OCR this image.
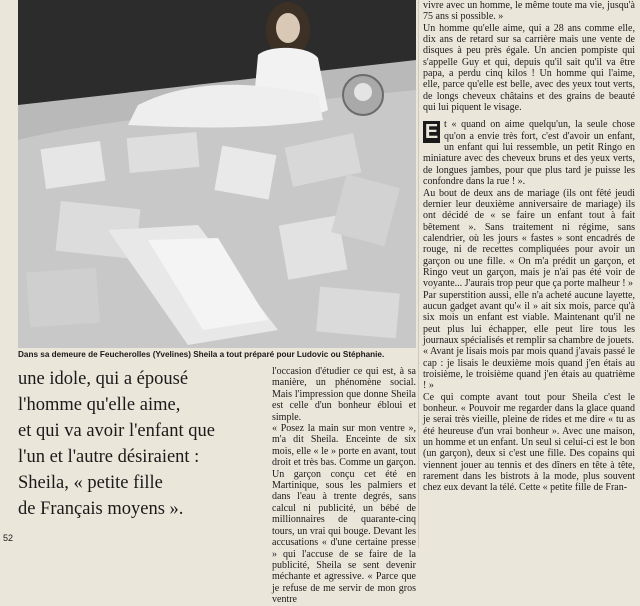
Dans sa demeure de Feucherolles (Yvelines) Sheila a tout préparé pour Ludovic ou Stéphanie.

vivre avec un homme, le même toute ma vie, jusqu'à 75 ans si possible. »

Un homme qu'elle aime, qui a 28 ans comme elle, dix ans de retard sur sa carrière mais une vente de disques à peu près égale. Un ancien pompiste qui s'appelle Guy et qui, depuis qu'il sait qu'il va être papa, a perdu cinq kilos ! Un homme qui l'aime, elle, parce qu'elle est belle, avec des yeux tout verts, de longs cheveux châtains et des grains de beauté qui lui piquent le visage.

E t « quand on aime quelqu'un, la seule chose qu'on a envie très fort, c'est d'avoir un enfant, un enfant qui lui ressemble, un petit Ringo en miniature avec des cheveux bruns et des yeux verts, de longues jambes, pour que plus tard je puisse les confondre dans la rue ! ».

Au bout de deux ans de mariage (ils ont fêté jeudi dernier leur deuxième anniversaire de mariage) ils ont décidé de « se faire un enfant tout à fait bêtement ». Sans traitement ni régime, sans calendrier, où les jours « fastes » sont encadrés de rouge, ni de recettes compliquées pour avoir un garçon ou une fille. « On m'a prédit un garçon, et Ringo veut un garçon, mais je n'ai pas été voir de voyante... J'aurais trop peur que ça porte malheur ! »

Par superstition aussi, elle n'a acheté aucune layette, aucun gadget avant qu'« il » ait six mois, parce qu'à six mois un enfant est viable. Maintenant qu'il ne peut plus lui échapper, elle peut lire tous les journaux spécialisés et remplir sa chambre de jouets.

« Avant je lisais mois par mois quand j'avais passé le cap : je lisais le deuxième mois quand j'en étais au troisième, le troisième quand j'en étais au quatrième ! »

Ce qui compte avant tout pour Sheila c'est le bonheur. « Pouvoir me regarder dans la glace quand je serai très vieille, pleine de rides et me dire « tu as été heureuse d'un vrai bonheur ». Avec une maison, un homme et un enfant. Un seul si celui-ci est le bon (un garçon), deux si c'est une fille. Des copains qui viennent jouer au tennis et des dîners en tête à tête, rarement dans les bistrots à la mode, plus souvent chez eux devant la télé. Cette « petite fille de Fran-

une idole, qui a épousé
l'homme qu'elle aime,
et qui va avoir l'enfant que
l'un et l'autre désiraient :
Sheila, « petite fille
de Français moyens ».

l'occasion d'étudier ce qui est, à sa manière, un phénomène social. Mais l'impression que donne Sheila est celle d'un bonheur ébloui et simple.

« Posez la main sur mon ventre », m'a dit Sheila. Enceinte de six mois, elle « le » porte en avant, tout droit et très bas. Comme un garçon. Un garçon conçu cet été en Martinique, sous les palmiers et dans l'eau à trente degrés, sans calcul ni publicité, un bébé de millionnaires de quarante-cinq tours, un vrai qui bouge. Devant les accusations « d'une certaine presse » qui l'accuse de se faire de la publicité, Sheila se sent devenir méchante et agressive. « Parce que je refuse de me servir de mon gros ventre

52
